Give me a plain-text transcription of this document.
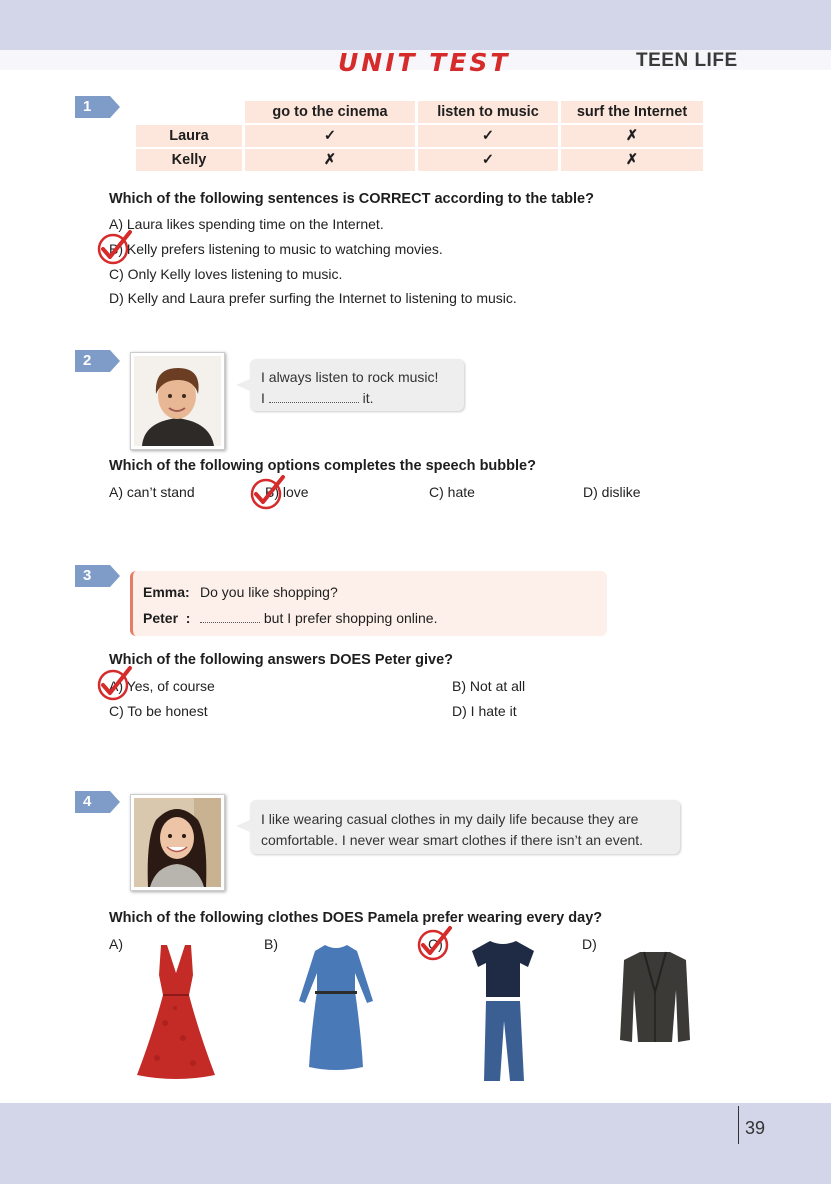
UNIT TEST	TEEN LIFE
1
		go to the cinema	listen to music	surf the Internet
Laura	✓	✓	✗
Kelly	✗	✓	✗
Which of the following sentences is CORRECT according to the table?
A) Laura likes spending time on the Internet.
B) Kelly prefers listening to music to watching movies.
C) Only Kelly loves listening to music.
D) Kelly and Laura prefer surfing the Internet to listening to music.
2
I always listen to rock music!
I	it.
Which of the following options completes the speech bubble?
A) can’t stand	B) love	C) hate	D) dislike
3
Emma: Do you like shopping?
Peter  :	but I prefer shopping online.
Which of the following answers DOES Peter give?
A) Yes, of course	B) Not at all
C) To be honest	D) I hate it
4
I like wearing casual clothes in my daily life because they are
comfortable. I never wear smart clothes if there isn’t an event.
Which of the following clothes DOES Pamela prefer wearing every day?
A)	B)	C)	D)
39
